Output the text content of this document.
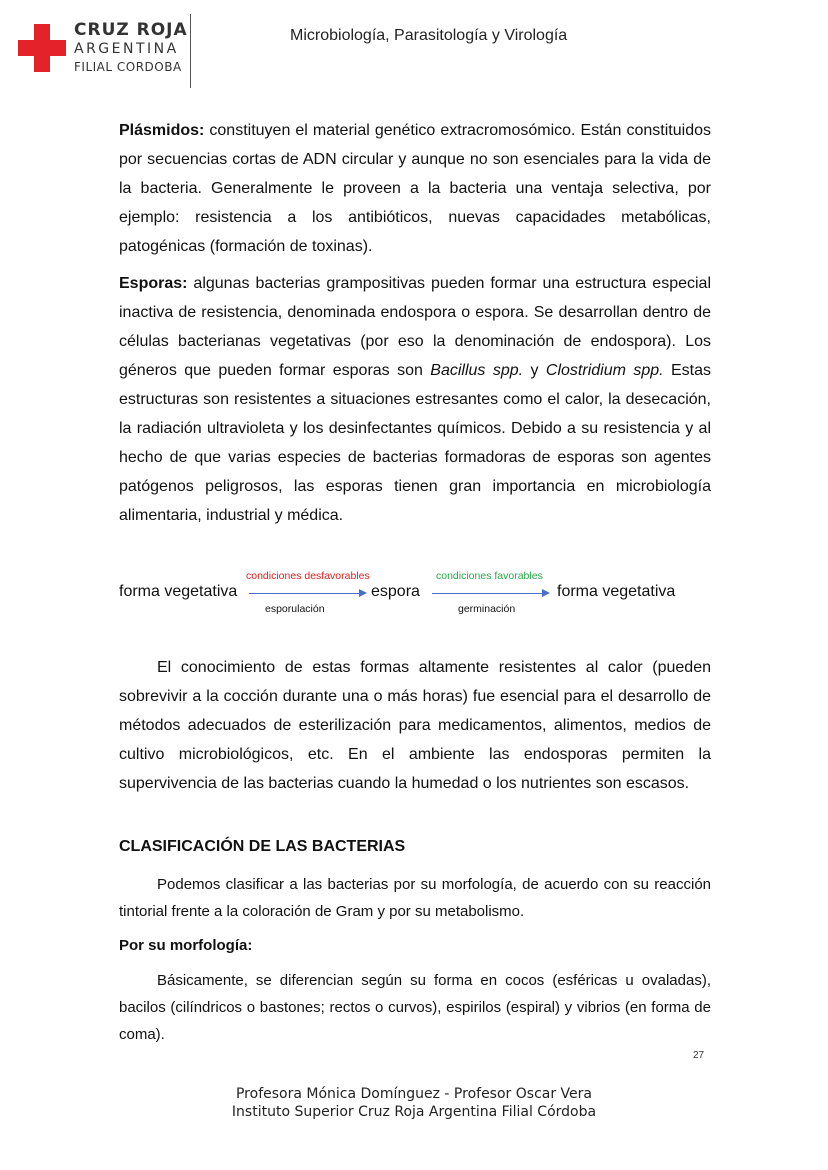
CRUZ ROJA
ARGENTINA
FILIAL CORDOBA
Microbiología, Parasitología y Virología

Plásmidos: constituyen el material genético extracromosómico. Están constituidos por secuencias cortas de ADN circular y aunque no son esenciales para la vida de la bacteria. Generalmente le proveen a la bacteria una ventaja selectiva, por ejemplo: resistencia a los antibióticos, nuevas capacidades metabólicas, patogénicas (formación de toxinas).

Esporas: algunas bacterias grampositivas pueden formar una estructura especial inactiva de resistencia, denominada endospora o espora. Se desarrollan dentro de células bacterianas vegetativas (por eso la denominación de endospora). Los géneros que pueden formar esporas son Bacillus spp. y Clostridium spp. Estas estructuras son resistentes a situaciones estresantes como el calor, la desecación, la radiación ultravioleta y los desinfectantes químicos. Debido a su resistencia y al hecho de que varias especies de bacterias formadoras de esporas son agentes patógenos peligrosos, las esporas tienen gran importancia en microbiología alimentaria, industrial y médica.

forma vegetativa
condiciones desfavorables
esporulación
espora
condiciones favorables
germinación
forma vegetativa

El conocimiento de estas formas altamente resistentes al calor (pueden sobrevivir a la cocción durante una o más horas) fue esencial para el desarrollo de métodos adecuados de esterilización para medicamentos, alimentos, medios de cultivo microbiológicos, etc. En el ambiente las endosporas permiten la supervivencia de las bacterias cuando la humedad o los nutrientes son escasos.

CLASIFICACIÓN DE LAS BACTERIAS

Podemos clasificar a las bacterias por su morfología, de acuerdo con su reacción tintorial frente a la coloración de Gram y por su metabolismo.

Por su morfología:

Básicamente, se diferencian según su forma en cocos (esféricas u ovaladas), bacilos (cilíndricos o bastones; rectos o curvos), espirilos (espiral) y vibrios (en forma de coma).

27
Profesora Mónica Domínguez - Profesor Oscar Vera
Instituto Superior Cruz Roja Argentina Filial Córdoba
